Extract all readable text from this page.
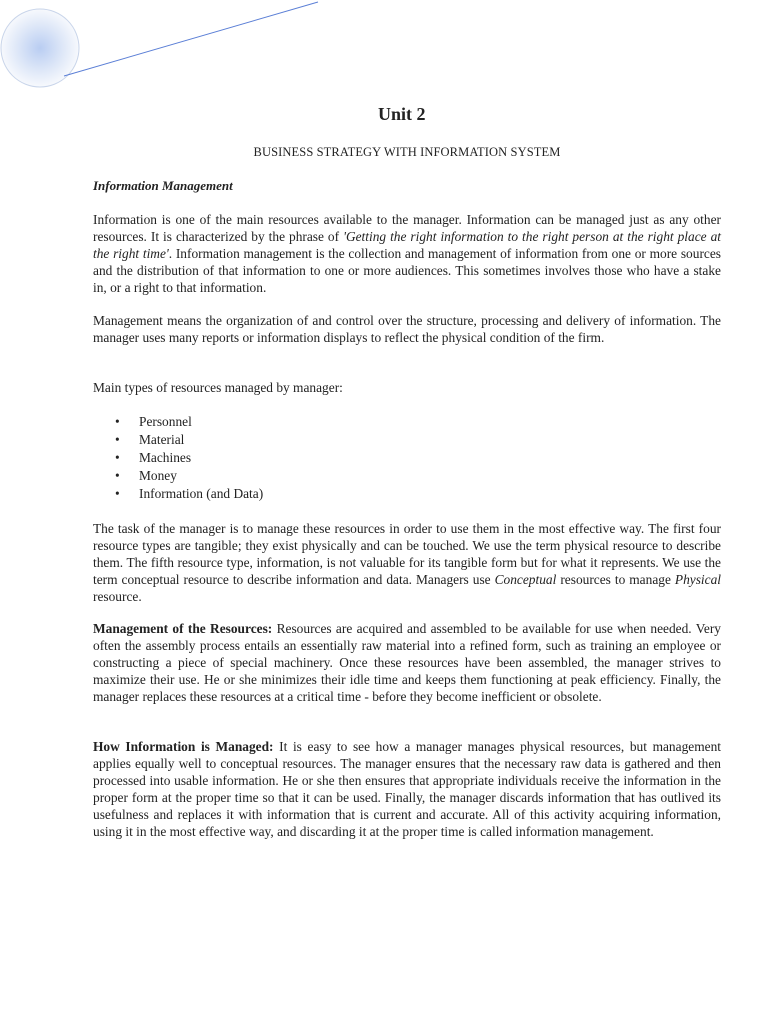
Unit 2
BUSINESS STRATEGY WITH INFORMATION SYSTEM
Information Management

Information is one of the main resources available to the manager. Information can be managed just as any other resources. It is characterized by the phrase of 'Getting the right information to the right person at the right place at the right time'. Information management is the collection and management of information from one or more sources and the distribution of that information to one or more audiences. This sometimes involves those who have a stake in, or a right to that information.

Management means the organization of and control over the structure, processing and delivery of information. The manager uses many reports or information displays to reflect the physical condition of the firm.

Main types of resources managed by manager:

• Personnel
• Material
• Machines
• Money
• Information (and Data)

The task of the manager is to manage these resources in order to use them in the most effective way. The first four resource types are tangible; they exist physically and can be touched. We use the term physical resource to describe them. The fifth resource type, information, is not valuable for its tangible form but for what it represents. We use the term conceptual resource to describe information and data. Managers use Conceptual resources to manage Physical resource.

Management of the Resources: Resources are acquired and assembled to be available for use when needed. Very often the assembly process entails an essentially raw material into a refined form, such as training an employee or constructing a piece of special machinery. Once these resources have been assembled, the manager strives to maximize their use. He or she minimizes their idle time and keeps them functioning at peak efficiency. Finally, the manager replaces these resources at a critical time - before they become inefficient or obsolete.

How Information is Managed: It is easy to see how a manager manages physical resources, but management applies equally well to conceptual resources. The manager ensures that the necessary raw data is gathered and then processed into usable information. He or she then ensures that appropriate individuals receive the information in the proper form at the proper time so that it can be used. Finally, the manager discards information that has outlived its usefulness and replaces it with information that is current and accurate. All of this activity acquiring information, using it in the most effective way, and discarding it at the proper time is called information management.
